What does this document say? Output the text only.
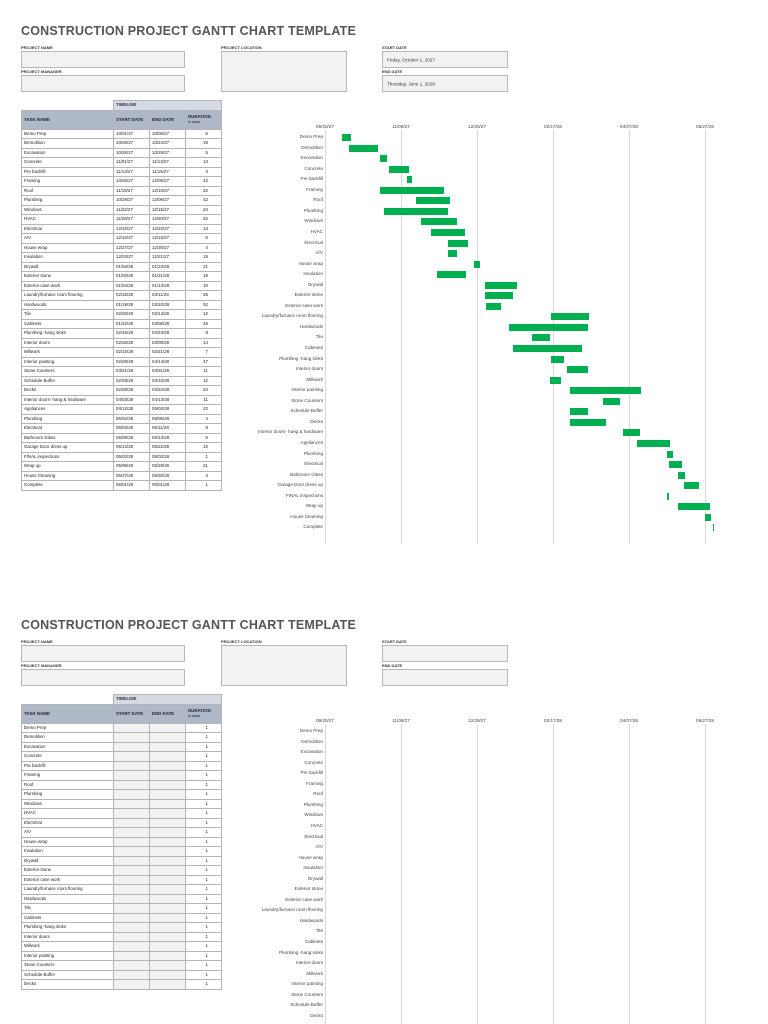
CONSTRUCTION PROJECT GANTT CHART TEMPLATE
PROJECT NAME
PROJECT MANAGER
PROJECT LOCATION	START DATE
Friday, October 1, 2027
END DATE
Thursday, June 1, 2028
	TIMELINE		
TASK NAME	START DATE	END DATE	DURATION
in days
Demo Prep	10/01/27	10/06/27	6
Demolition	10/06/27	10/24/27	19
Excavation	10/26/27	10/29/27	5
Concrete	11/01/27	11/13/27	13
Pre backfill	11/13/27	11/15/27	3
Framing	10/26/27	12/06/27	42
Roof	11/19/27	12/10/27	22
Plumbing	10/29/27	12/09/27	42
Windows	11/22/27	12/15/27	24
HVAC	11/29/27	12/20/27	22
Electrical	12/10/27	12/22/27	13
A/V	12/10/27	12/15/27	6
House wrap	12/27/27	12/30/27	4
Insulation	12/03/27	12/21/27	19
Drywall	01/03/28	01/23/28	21
Exterior stone	01/03/28	01/21/28	19
Exterior case work	01/04/28	01/13/28	10
Laundry/furnace room flooring	02/16/28	03/11/28	25
Hardwoods	01/19/28	03/10/28	52
Tile	02/03/28	02/14/28	12
Cabinets	01/22/28	03/06/28	45
Plumbing -hang sinks	02/16/28	02/23/28	8
Interior doors	02/26/28	03/09/28	14
Millwork	02/15/28	02/21/28	7
Interior painting	02/28/28	04/14/28	47
Stone Counters	03/21/28	03/31/28	11
Schedule Buffer	02/28/28	03/10/28	12
Decks	02/28/28	03/22/28	24
Interior doors- hang & hardware	04/03/28	04/13/28	11
Appliances	04/12/28	05/03/28	22
Plumbing	05/02/28	05/05/28	4
Electrical	05/03/28	05/11/28	9
Bathroom Glass	05/09/28	05/13/28	5
Garage Door dress up	05/13/28	05/22/28	10
FINAL inspections	05/02/28	05/02/28	1
Wrap up	05/09/28	05/29/28	21
House Cleaning	05/27/28	05/30/28	4
Complete	06/01/28	06/01/28	1
09/20/27	11/09/27	12/29/27	02/17/28	04/07/28	05/27/28
Demo Prep
Demolition
Excavation
Concrete
Pre backfill
Framing
Roof
Plumbing
Windows
HVAC
Electrical
A/V
House wrap
Insulation
Drywall
Exterior stone
Exterior case work
Laundry/furnace room flooring
Hardwoods
Tile
Cabinets
Plumbing -hang sinks
Interior doors
Millwork
Interior painting
Stone Counters
Schedule Buffer
Decks
Interior doors- hang & hardware
Appliances
Plumbing
Electrical
Bathroom Glass
Garage Door dress up
FINAL inspections
Wrap up
House Cleaning
Complete
CONSTRUCTION PROJECT GANTT CHART TEMPLATE
PROJECT NAME
PROJECT MANAGER
PROJECT LOCATION	START DATE
END DATE
	TIMELINE		
TASK NAME	START DATE	END DATE	DURATION
in days
Demo Prep			1
Demolition			1
Excavation			1
Concrete			1
Pre backfill			1
Framing			1
Roof			1
Plumbing			1
Windows			1
HVAC			1
Electrical			1
A/V			1
House wrap			1
Insulation			1
Drywall			1
Exterior stone			1
Exterior case work			1
Laundry/furnace room flooring			1
Hardwoods			1
Tile			1
Cabinets			1
Plumbing -hang sinks			1
Interior doors			1
Millwork			1
Interior painting			1
Stone Counters			1
Schedule Buffer			1
Decks			1
09/20/27	11/09/27	12/29/27	02/17/28	04/07/28	05/27/28
Demo Prep
Demolition
Excavation
Concrete
Pre backfill
Framing
Roof
Plumbing
Windows
HVAC
Electrical
A/V
House wrap
Insulation
Drywall
Exterior stone
Exterior case work
Laundry/furnace room flooring
Hardwoods
Tile
Cabinets
Plumbing -hang sinks
Interior doors
Millwork
Interior painting
Stone Counters
Schedule Buffer
Decks
